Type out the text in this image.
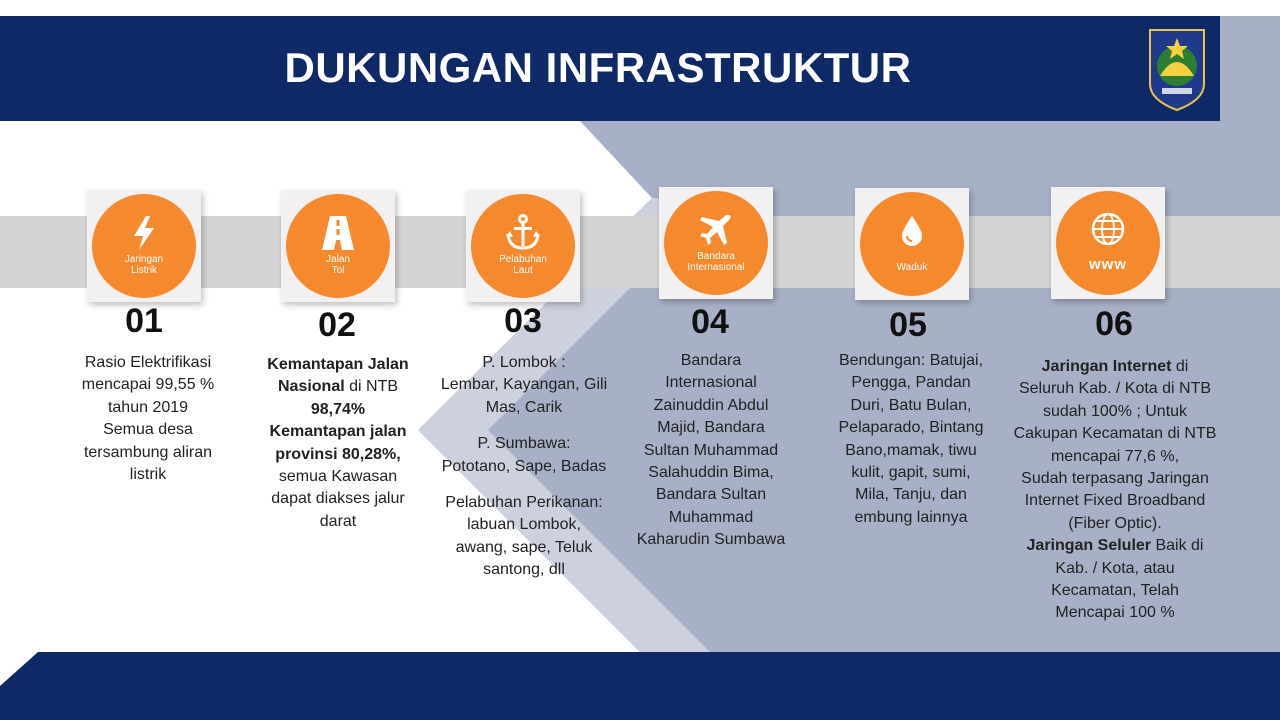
DUKUNGAN INFRASTRUKTUR
Jaringan
Listrik
Jalan
Tol
Pelabuhan
Laut
Bandara
Internasional	Waduk	www
01	02	03	04	05	06

Rasio Elektrifikasi

mencapai 99,55 %

tahun 2019

Semua desa

tersambung aliran

listrik

Kemantapan Jalan

Nasional di NTB

98,74%

Kemantapan jalan

provinsi 80,28%,

semua Kawasan

dapat diakses jalur

darat

P. Lombok :

Lembar, Kayangan, Gili

Mas, Carik

P. Sumbawa:

Pototano, Sape, Badas

Pelabuhan Perikanan:

labuan Lombok,

awang, sape, Teluk

santong, dll

Bandara

Internasional

Zainuddin Abdul

Majid, Bandara

Sultan Muhammad

Salahuddin Bima,

Bandara Sultan

Muhammad

Kaharudin Sumbawa

Bendungan: Batujai,

Pengga, Pandan

Duri, Batu Bulan,

Pelaparado, Bintang

Bano,mamak, tiwu

kulit, gapit, sumi,

Mila, Tanju, dan

embung lainnya

Jaringan Internet di

Seluruh Kab. / Kota di NTB

sudah 100% ; Untuk

Cakupan Kecamatan di NTB

mencapai 77,6 %,

Sudah terpasang Jaringan

Internet Fixed Broadband

(Fiber Optic).

Jaringan Seluler Baik di

Kab. / Kota, atau

Kecamatan, Telah

Mencapai 100 %
